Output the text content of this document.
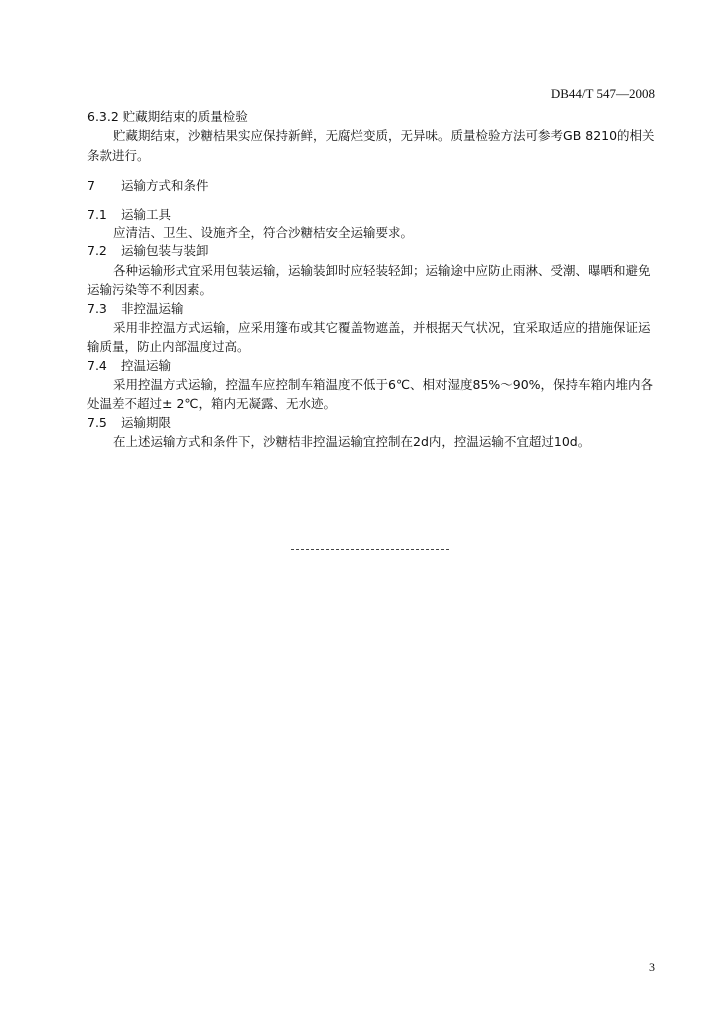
DB44/T 547—2008
6.3.2 贮藏期结束的质量检验
贮藏期结束，沙糖桔果实应保持新鲜，无腐烂变质，无异味。质量检验方法可参考GB 8210的相关
条款进行。
7 运输方式和条件
7.1 运输工具
应清洁、卫生、设施齐全，符合沙糖桔安全运输要求。
7.2 运输包装与装卸
各种运输形式宜采用包装运输，运输装卸时应轻装轻卸；运输途中应防止雨淋、受潮、曝晒和避免
运输污染等不利因素。
7.3 非控温运输
采用非控温方式运输，应采用篷布或其它覆盖物遮盖，并根据天气状况，宜采取适应的措施保证运
输质量，防止内部温度过高。
7.4 控温运输
采用控温方式运输，控温车应控制车箱温度不低于6℃、相对湿度85%～90%，保持车箱内堆内各
处温差不超过± 2℃，箱内无凝露、无水迹。
7.5 运输期限
在上述运输方式和条件下，沙糖桔非控温运输宜控制在2d内，控温运输不宜超过10d。
3
